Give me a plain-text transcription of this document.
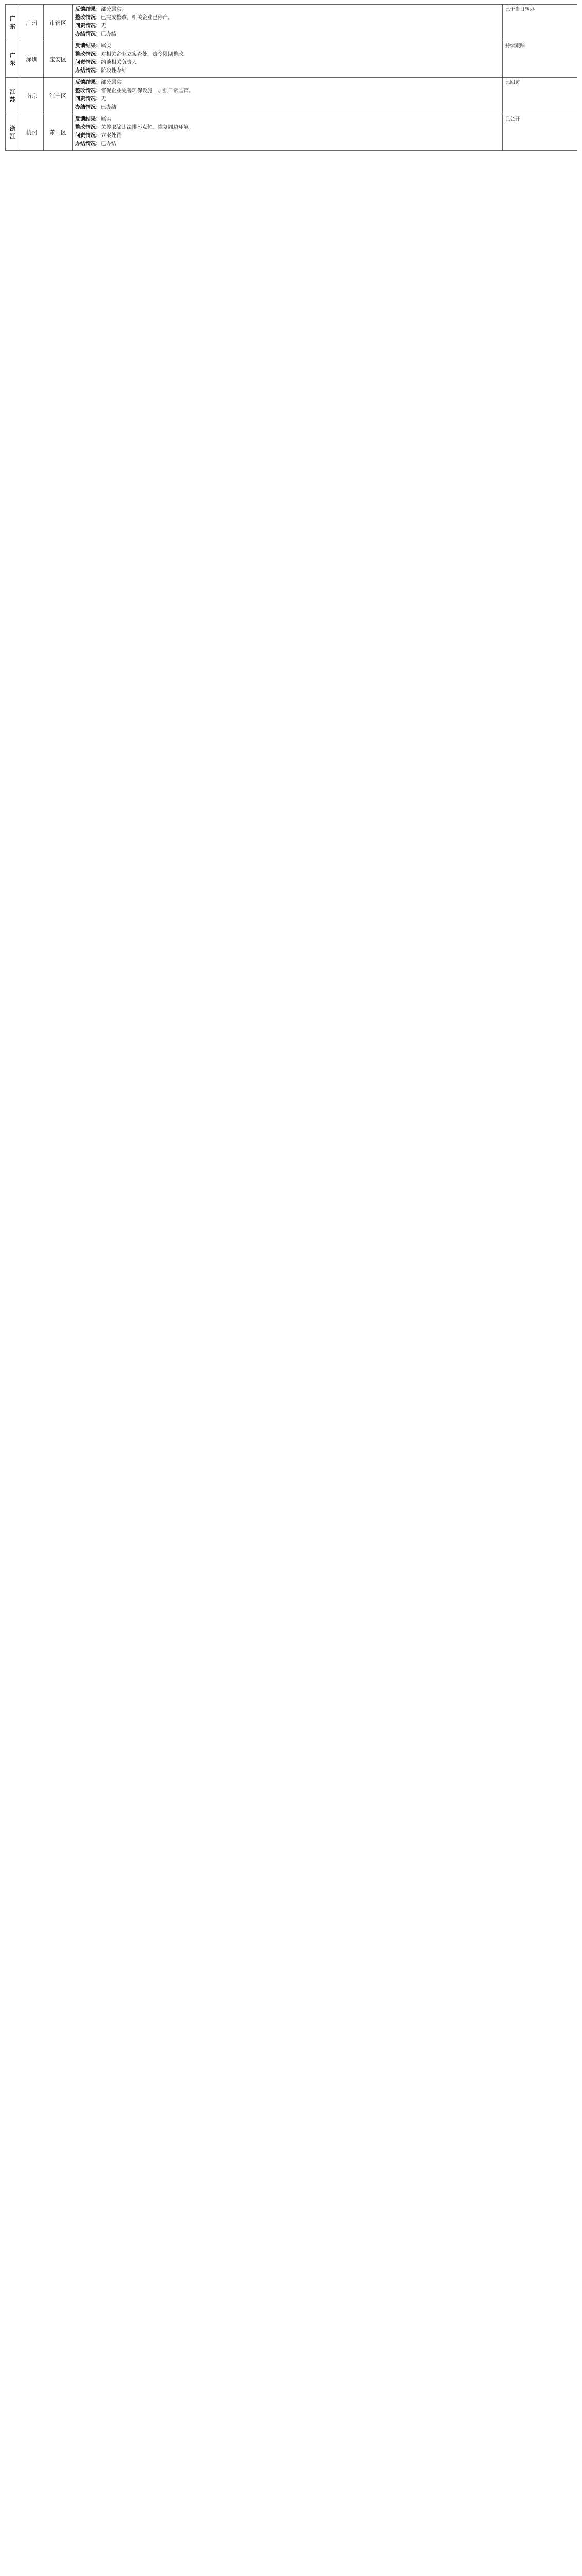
广东	广州	市辖区	反馈结果：部分属实
整改情况：已完成整改，相关企业已停产。
问责情况：无
办结情况：已办结	已于当日转办
广东	深圳	宝安区	反馈结果：属实
整改情况：对相关企业立案查处，责令限期整改。
问责情况：约谈相关负责人
办结情况：阶段性办结	持续跟踪
江苏	南京	江宁区	反馈结果：部分属实
整改情况：督促企业完善环保设施，加强日常监管。
问责情况：无
办结情况：已办结	已回访
浙江	杭州	萧山区	反馈结果：属实
整改情况：关停取缔违法排污点位，恢复周边环境。
问责情况：立案处罚
办结情况：已办结	已公开
